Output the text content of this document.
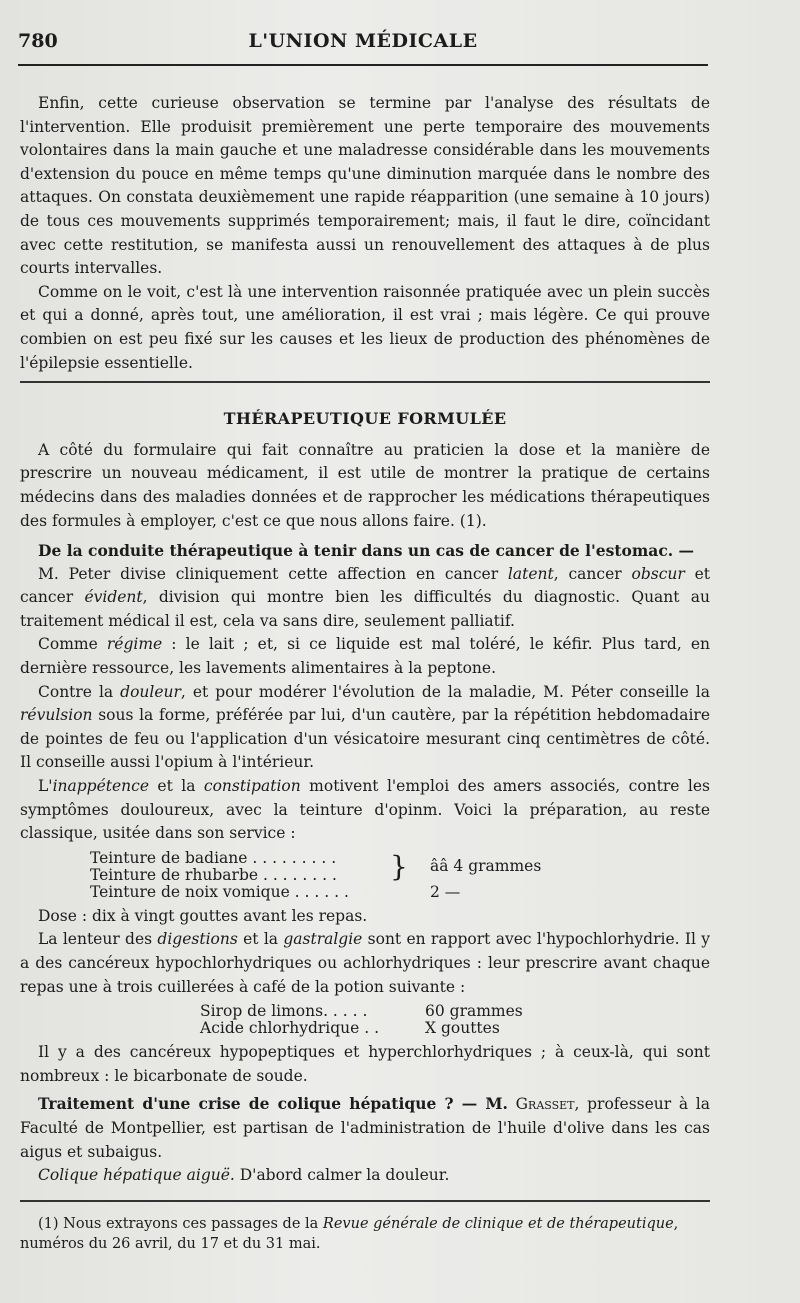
780	L'UNION MÉDICALE

Enfin, cette curieuse observation se termine par l'analyse des résultats de l'intervention. Elle produisit premièrement une perte temporaire des mouvements volontaires dans la main gauche et une maladresse considérable dans les mouvements d'extension du pouce en même temps qu'une diminution marquée dans le nombre des attaques. On constata deuxièmement une rapide réapparition (une semaine à 10 jours) de tous ces mouvements supprimés temporairement; mais, il faut le dire, coïncidant avec cette restitution, se manifesta aussi un renouvellement des attaques à de plus courts intervalles.

Comme on le voit, c'est là une intervention raisonnée pratiquée avec un plein succès et qui a donné, après tout, une amélioration, il est vrai ; mais légère. Ce qui prouve combien on est peu fixé sur les causes et les lieux de production des phénomènes de l'épilepsie essentielle.

THÉRAPEUTIQUE FORMULÉE

A côté du formulaire qui fait connaître au praticien la dose et la manière de prescrire un nouveau médicament, il est utile de montrer la pratique de certains médecins dans des maladies données et de rapprocher les médications thérapeutiques des formules à employer, c'est ce que nous allons faire. (1).

De la conduite thérapeutique à tenir dans un cas de cancer de l'estomac. —

M. Peter divise cliniquement cette affection en cancer latent, cancer obscur et cancer évident, division qui montre bien les difficultés du diagnostic. Quant au traitement médical il est, cela va sans dire, seulement palliatif.

Comme régime : le lait ; et, si ce liquide est mal toléré, le kéfir. Plus tard, en dernière ressource, les lavements alimentaires à la peptone.

Contre la douleur, et pour modérer l'évolution de la maladie, M. Péter conseille la révulsion sous la forme, préférée par lui, d'un cautère, par la répétition hebdomadaire de pointes de feu ou l'application d'un vésicatoire mesurant cinq centimètres de côté. Il conseille aussi l'opium à l'intérieur.

L'inappétence et la constipation motivent l'emploi des amers associés, contre les symptômes douloureux, avec la teinture d'opinm. Voici la préparation, au reste classique, usitée dans son service :

Teinture de badiane . . . . . . . . .
Teinture de rhubarbe . . . . . . . .
Teinture de noix vomique . . . . . .
}	ââ 4 grammes
2 —

Dose : dix à vingt gouttes avant les repas.

La lenteur des digestions et la gastralgie sont en rapport avec l'hypochlorhydrie. Il y a des cancéreux hypochlorhydriques ou achlorhydriques : leur prescrire avant chaque repas une à trois cuillerées à café de la potion suivante :

Sirop de limons. . . . .
Acide chlorhydrique . .
60 grammes
X gouttes

Il y a des cancéreux hypopeptiques et hyperchlorhydriques ; à ceux-là, qui sont nombreux : le bicarbonate de soude.

Traitement d'une crise de colique hépatique ? — M. Grasset, professeur à la Faculté de Montpellier, est partisan de l'administration de l'huile d'olive dans les cas aigus et subaigus.

Colique hépatique aiguë. D'abord calmer la douleur.

(1) Nous extrayons ces passages de la Revue générale de clinique et de thérapeutique, numéros du 26 avril, du 17 et du 31 mai.
